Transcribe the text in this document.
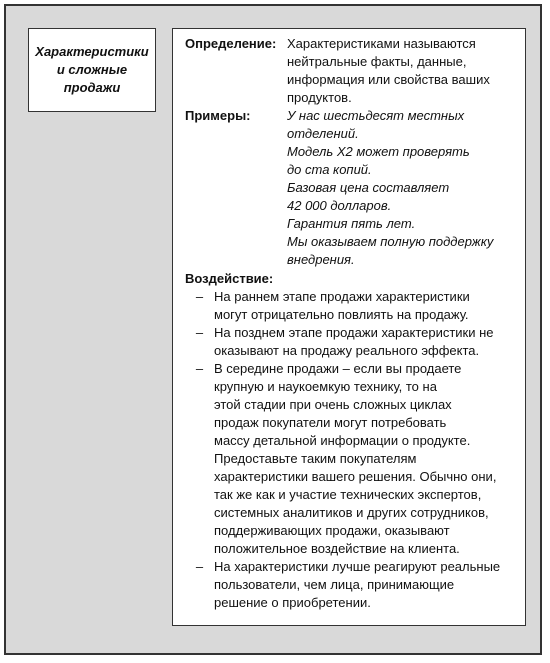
Характеристики
и сложные
продажи

Определение: Характеристиками называются
нейтральные факты, данные,
информация или свойства ваших
продуктов.
Примеры:	У нас шестьдесят местных
отделений.
Модель X2 может проверять
до ста копий.
Базовая цена составляет
42 000 долларов.
Гарантия пять лет.
Мы оказываем полную поддержку
внедрения.
Воздействие:
– На раннем этапе продажи характеристики
могут отрицательно повлиять на продажу.
– На позднем этапе продажи характеристики не
оказывают на продажу реального эффекта.
– В середине продажи – если вы продаете
крупную и наукоемкую технику, то на
этой стадии при очень сложных циклах
продаж покупатели могут потребовать
массу детальной информации о продукте.
Предоставьте таким покупателям
характеристики вашего решения. Обычно они,
так же как и участие технических экспертов,
системных аналитиков и других сотрудников,
поддерживающих продажи, оказывают
положительное воздействие на клиента.
– На характеристики лучше реагируют реальные
пользователи, чем лица, принимающие
решение о приобретении.
